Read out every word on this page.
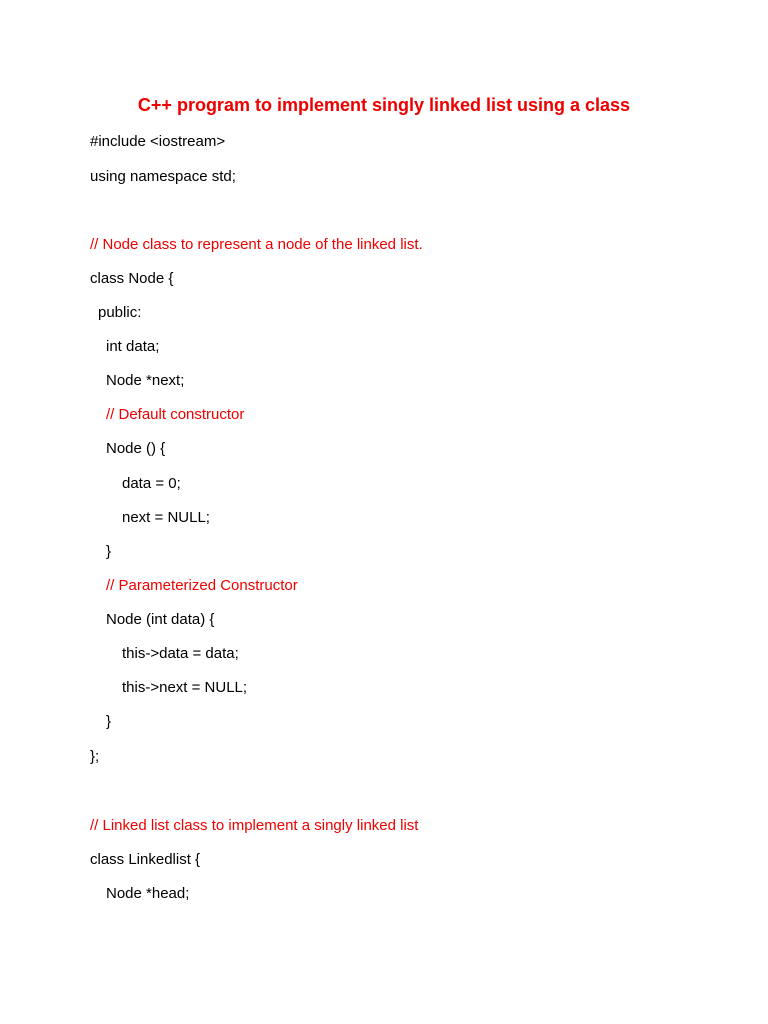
C++ program to implement singly linked list using a class
#include <iostream>
using namespace std;
// Node class to represent a node of the linked list.
class Node {
public:
int data;
Node *next;
// Default constructor
Node () {
data = 0;
next = NULL;
}
// Parameterized Constructor
Node (int data) {
this->data = data;
this->next = NULL;
}
};
// Linked list class to implement a singly linked list
class Linkedlist {
Node *head;
